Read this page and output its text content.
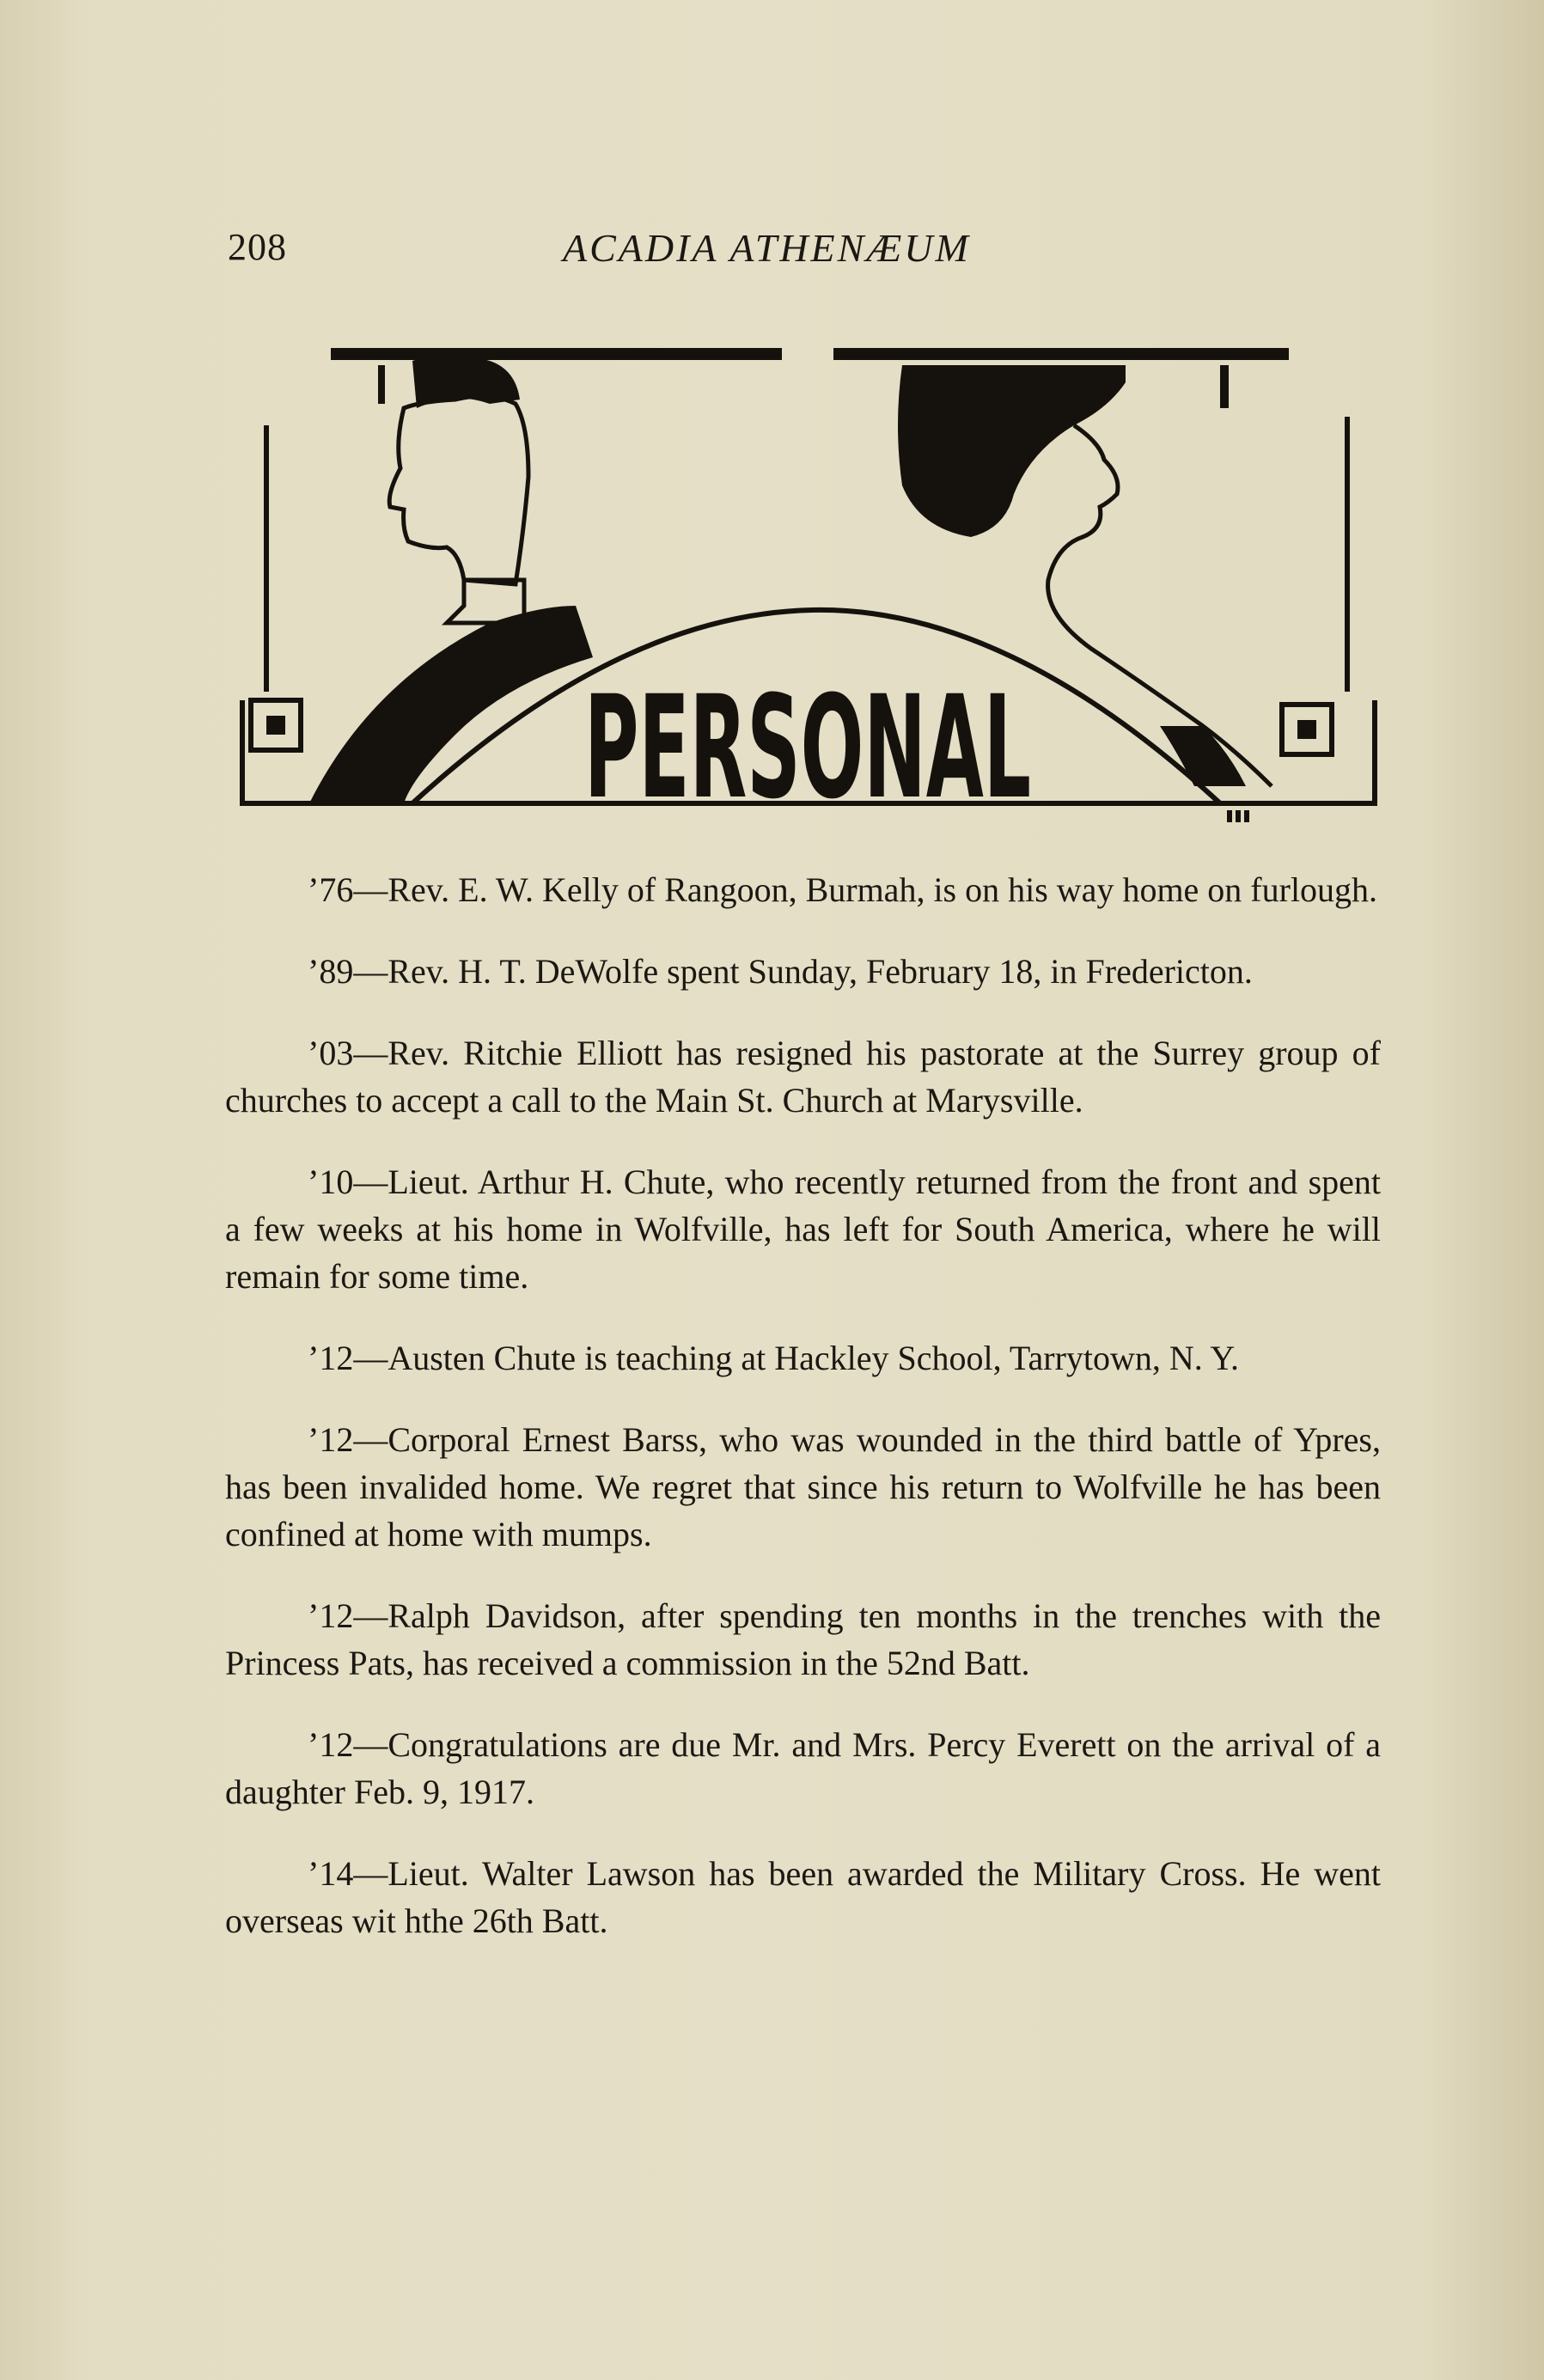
208	ACADIA ATHENÆUM
PERSONAL

’76—Rev. E. W. Kelly of Rangoon, Burmah, is on his way home on furlough.

’89—Rev. H. T. DeWolfe spent Sunday, February 18, in Fredericton.

’03—Rev. Ritchie Elliott has resigned his pastorate at the Surrey group of churches to accept a call to the Main St. Church at Marysville.

’10—Lieut. Arthur H. Chute, who recently returned from the front and spent a few weeks at his home in Wolfville, has left for South America, where he will remain for some time.

’12—Austen Chute is teaching at Hackley School, Tarrytown, N. Y.

’12—Corporal Ernest Barss, who was wounded in the third battle of Ypres, has been invalided home. We regret that since his return to Wolfville he has been confined at home with mumps.

’12—Ralph Davidson, after spending ten months in the trenches with the Princess Pats, has received a commission in the 52nd Batt.

’12—Congratulations are due Mr. and Mrs. Percy Everett on the arrival of a daughter Feb. 9, 1917.

’14—Lieut. Walter Lawson has been awarded the Military Cross. He went overseas wit hthe 26th Batt.
